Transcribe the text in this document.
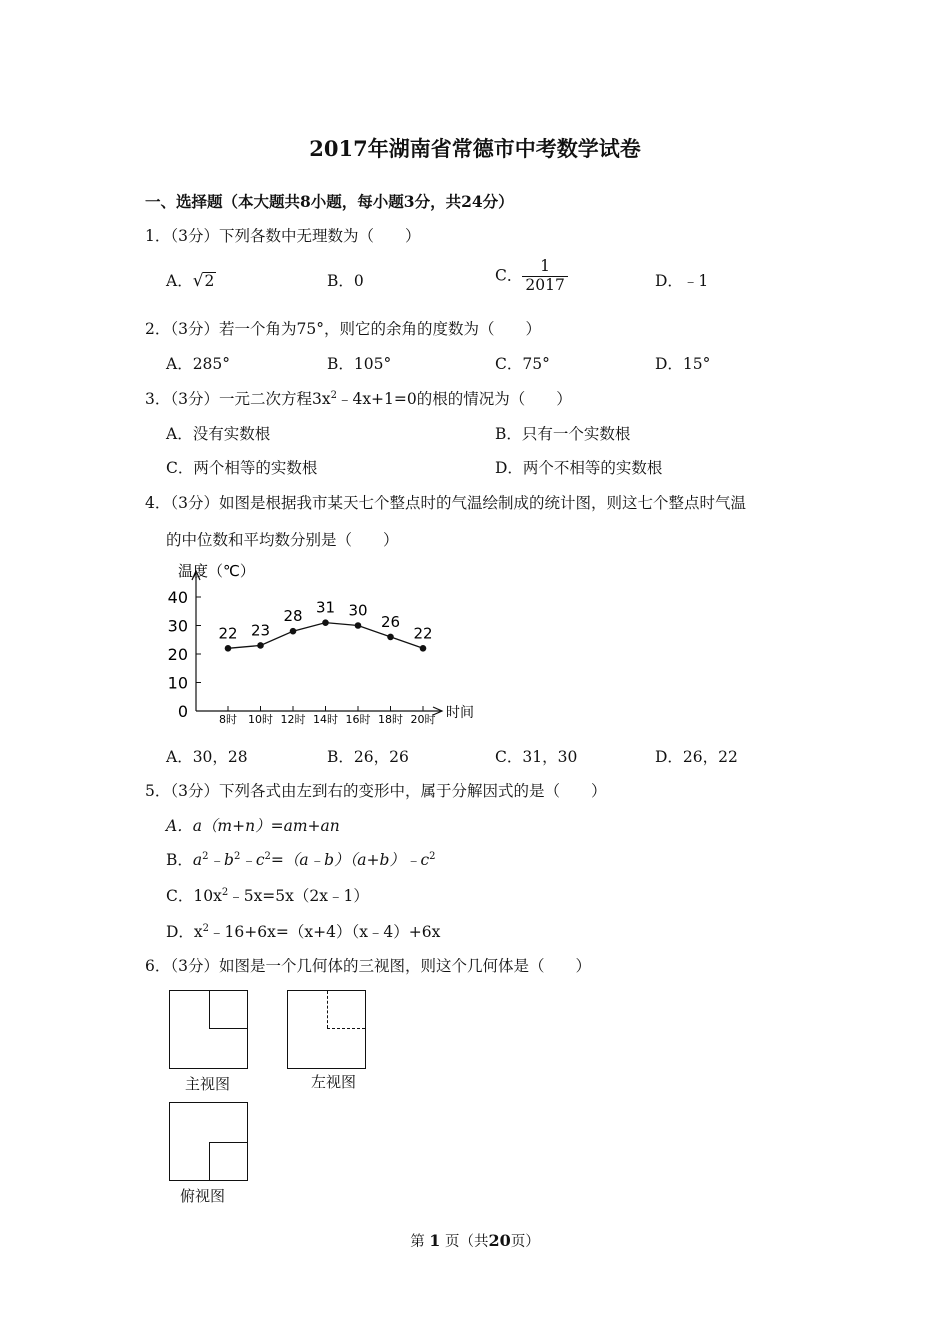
2017年湖南省常德市中考数学试卷
一、选择题（本大题共8小题，每小题3分，共24分）
1．（3分）下列各数中无理数为（　　）
A．√2	B．0	C． $\frac{1}{2017}$	D．﹣1
2．（3分）若一个角为75°，则它的余角的度数为（　　）
A．285°	B．105°	C．75°	D．15°
3．（3分）一元二次方程$3x^2﹣4x+1=0$的根的情况为（　　）
A．没有实数根	B．只有一个实数根
C．两个相等的实数根	D．两个不相等的实数根
4．（3分）如图是根据我市某天七个整点时的气温绘制成的统计图，则这七个整点时气温
的中位数和平均数分别是（　　）
温度（℃）
时间
0
10
20
30
40
8时 10时 12时 14时 16时 18时 20时
22 23
28 31 30
26
22
A．30，28	B．26，26	C．31，30	D．26，22
5．（3分）下列各式由左到右的变形中，属于分解因式的是（　　）
A．a（m+n）=am+an
B．$a^2﹣b^2﹣c^2=(a﹣b)(a+b)﹣c^2$
C．$10x^2﹣5x=5x(2x﹣1)$
D．$x^2﹣16+6x=(x+4)(x﹣4)+6x$
6．（3分）如图是一个几何体的三视图，则这个几何体是（　　）
主视图	左视图
俯视图
第 1 页（共20页）
